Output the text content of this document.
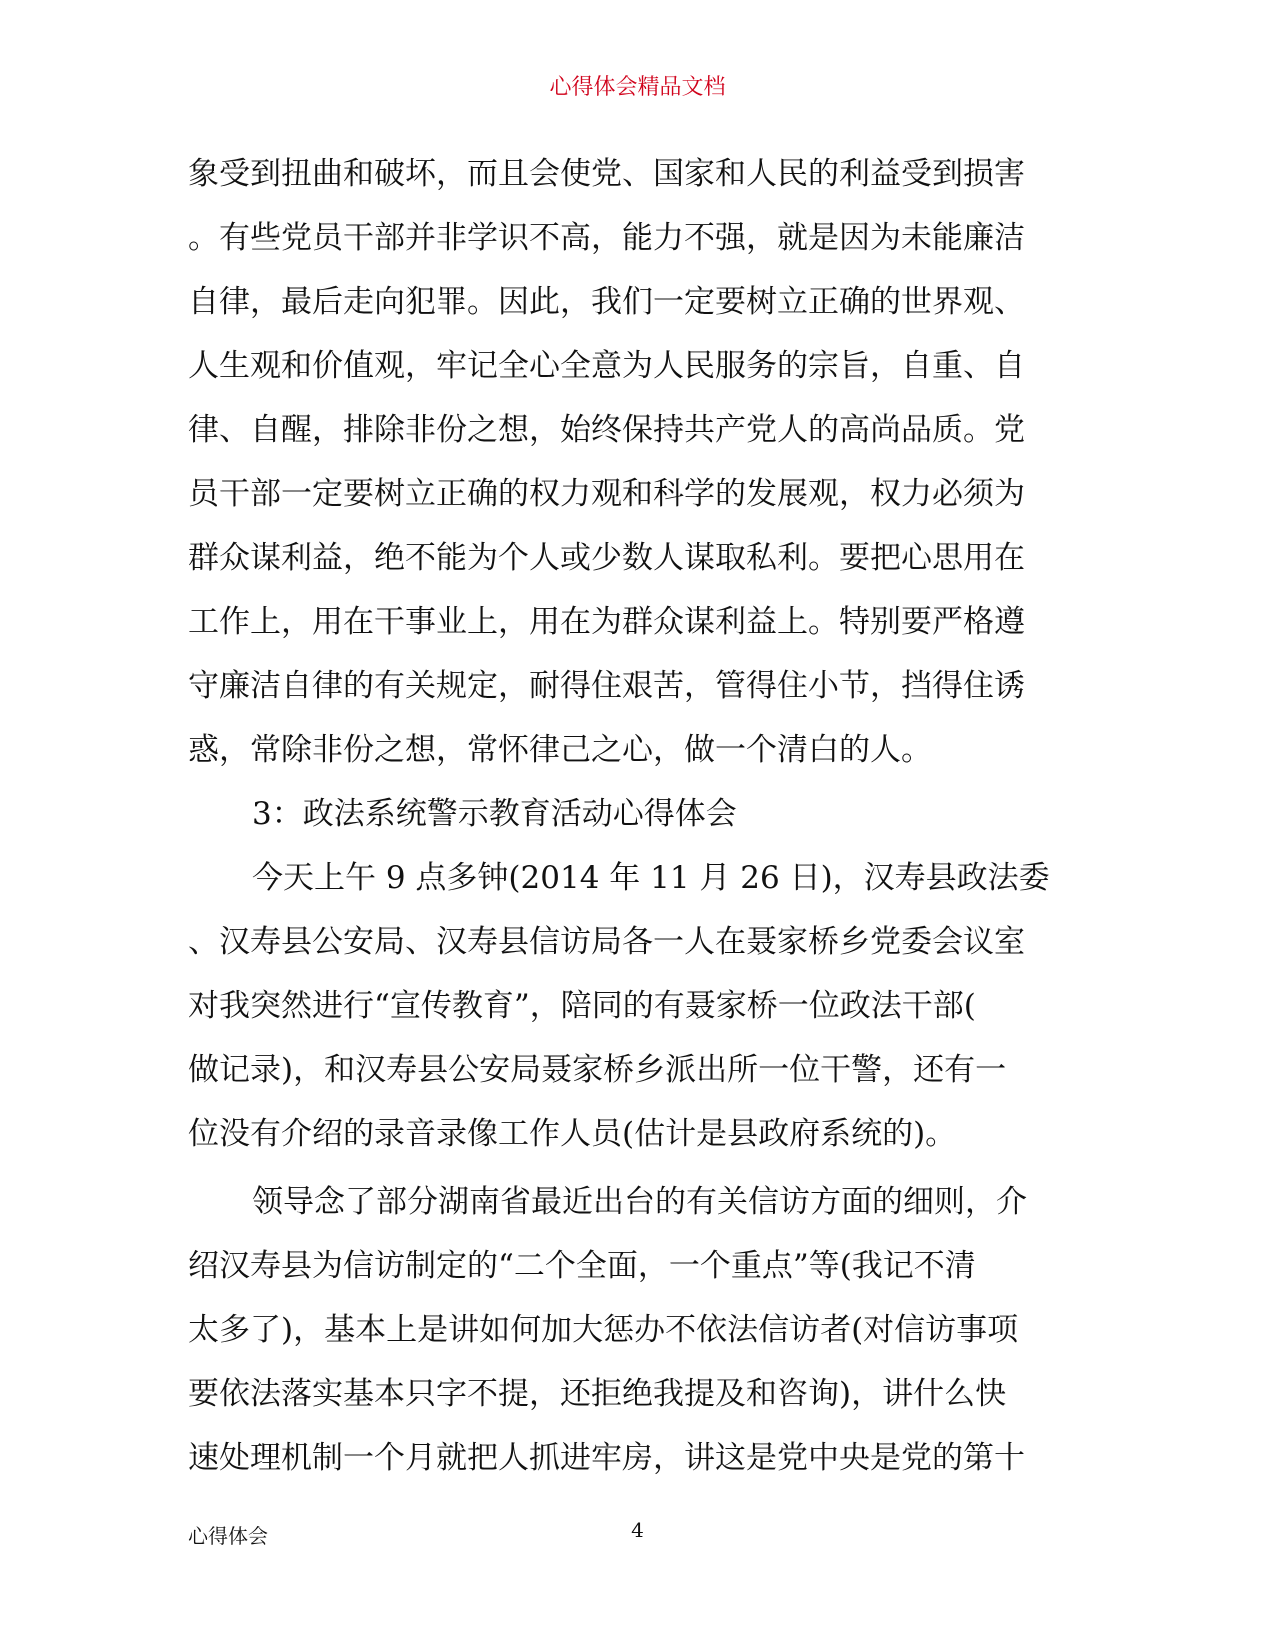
心得体会精品文档
象受到扭曲和破坏，而且会使党、国家和人民的利益受到损害
。有些党员干部并非学识不高，能力不强，就是因为未能廉洁
自律，最后走向犯罪。因此，我们一定要树立正确的世界观、
人生观和价值观，牢记全心全意为人民服务的宗旨，自重、自
律、自醒，排除非份之想，始终保持共产党人的高尚品质。党
员干部一定要树立正确的权力观和科学的发展观，权力必须为
群众谋利益，绝不能为个人或少数人谋取私利。要把心思用在
工作上，用在干事业上，用在为群众谋利益上。特别要严格遵
守廉洁自律的有关规定，耐得住艰苦，管得住小节，挡得住诱
惑，常除非份之想，常怀律己之心，做一个清白的人。
3：政法系统警示教育活动心得体会
今天上午 9 点多钟(2014 年 11 月 26 日)，汉寿县政法委
、汉寿县公安局、汉寿县信访局各一人在聂家桥乡党委会议室
对我突然进行“宣传教育”，陪同的有聂家桥一位政法干部(
做记录)，和汉寿县公安局聂家桥乡派出所一位干警，还有一
位没有介绍的录音录像工作人员(估计是县政府系统的)。
领导念了部分湖南省最近出台的有关信访方面的细则，介
绍汉寿县为信访制定的“二个全面，一个重点”等(我记不清
太多了)，基本上是讲如何加大惩办不依法信访者(对信访事项
要依法落实基本只字不提，还拒绝我提及和咨询)，讲什么快
速处理机制一个月就把人抓进牢房，讲这是党中央是党的第十
心得体会	4
